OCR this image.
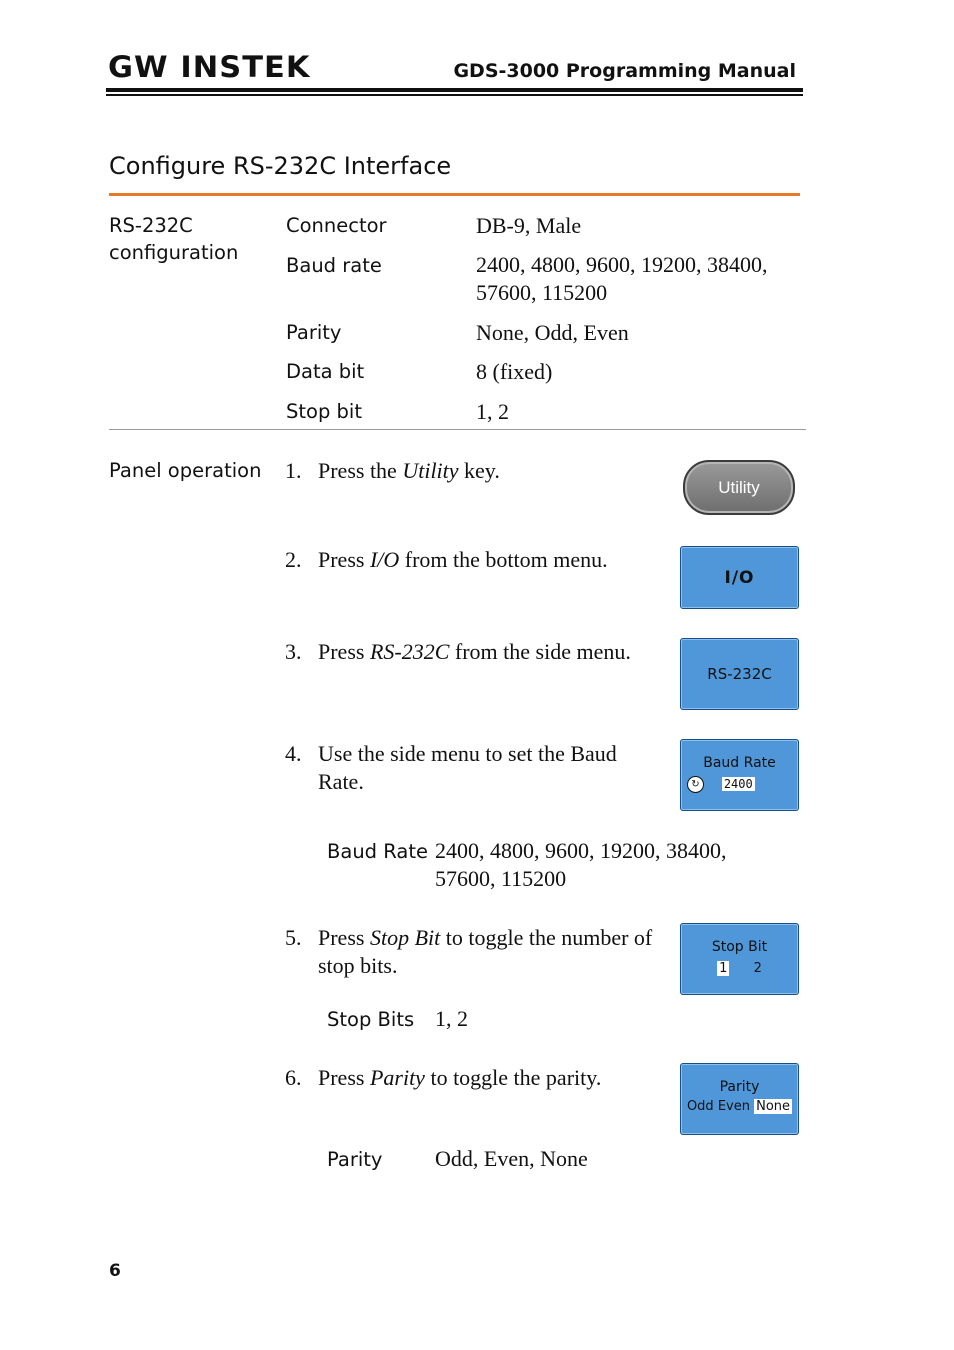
GW INSTEK	GDS-3000 Programming Manual
Configure RS-232C Interface
RS-232C
configuration
Connector	DB-9, Male
Baud rate	2400, 4800, 9600, 19200, 38400,
57600, 115200
Parity	None, Odd, Even
Data bit	8 (fixed)
Stop bit	1, 2
Panel operation 1. Press the Utility key.
Utility
2. Press I/O from the bottom menu.
I/O
3. Press RS-232C from the side menu.
RS-232C
4. Use the side menu to set the Baud Rate.
Baud Rate
↻ 2400
Baud Rate 2400, 4800, 9600, 19200, 38400,
57600, 115200
5. Press Stop Bit to toggle the number of stop bits.
Stop Bit
1 2
Stop Bits 1, 2
6. Press Parity to toggle the parity.	Parity
Odd Even None
Parity Odd, Even, None
6
